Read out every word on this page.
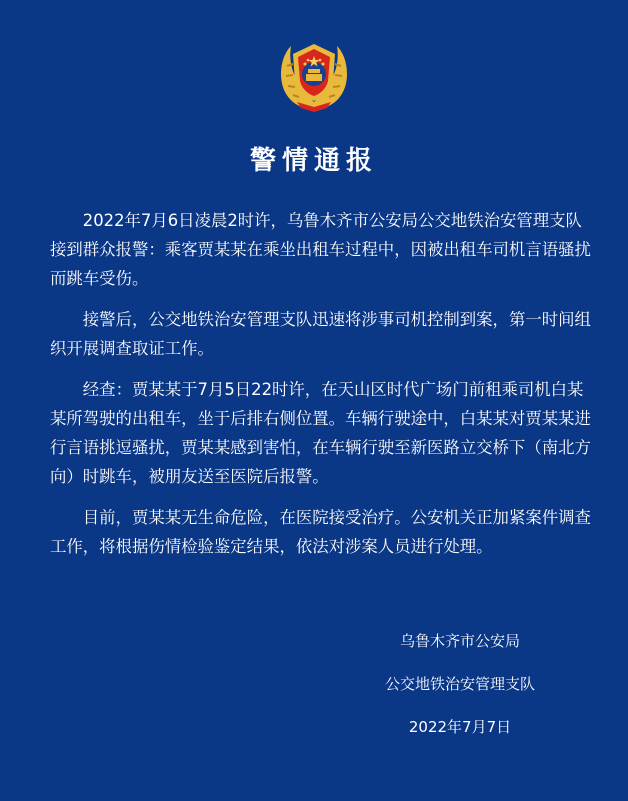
警情通报

2022年7月6日凌晨2时许，乌鲁木齐市公安局公交地铁治安管理支队接到群众报警：乘客贾某某在乘坐出租车过程中，因被出租车司机言语骚扰而跳车受伤。

接警后，公交地铁治安管理支队迅速将涉事司机控制到案，第一时间组织开展调查取证工作。

经查：贾某某于7月5日22时许，在天山区时代广场门前租乘司机白某某所驾驶的出租车，坐于后排右侧位置。车辆行驶途中，白某某对贾某某进行言语挑逗骚扰，贾某某感到害怕，在车辆行驶至新医路立交桥下（南北方向）时跳车，被朋友送至医院后报警。

目前，贾某某无生命危险，在医院接受治疗。公安机关正加紧案件调查工作，将根据伤情检验鉴定结果，依法对涉案人员进行处理。

乌鲁木齐市公安局
公交地铁治安管理支队
2022年7月7日
